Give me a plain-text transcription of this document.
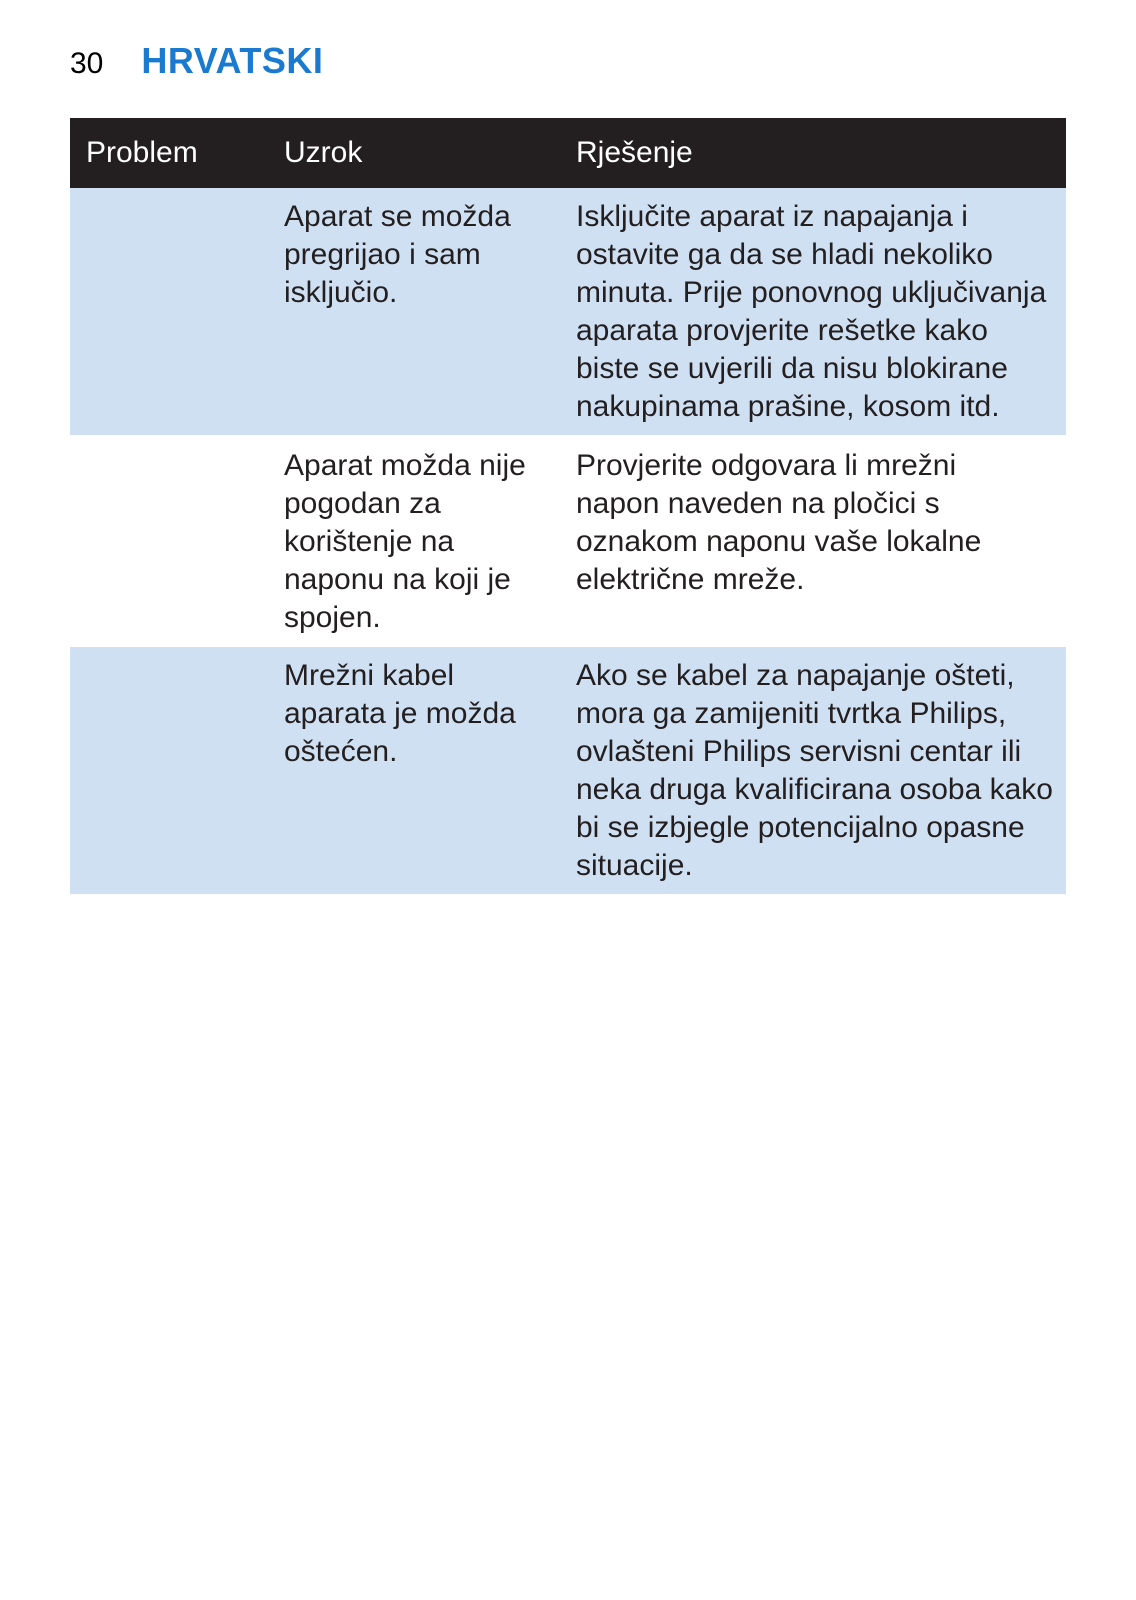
30 HRVATSKI
Problem	Uzrok	Rješenje
Aparat se možda
pregrijao i sam
isključio.
Isključite aparat iz napajanja i
ostavite ga da se hladi nekoliko
minuta. Prije ponovnog uključivanja
aparata provjerite rešetke kako
biste se uvjerili da nisu blokirane
nakupinama prašine, kosom itd.
Aparat možda nije
pogodan za
korištenje na
naponu na koji je
spojen.
Provjerite odgovara li mrežni
napon naveden na pločici s
oznakom naponu vaše lokalne
električne mreže.
Mrežni kabel
aparata je možda
oštećen.
Ako se kabel za napajanje ošteti,
mora ga zamijeniti tvrtka Philips,
ovlašteni Philips servisni centar ili
neka druga kvalificirana osoba kako
bi se izbjegle potencijalno opasne
situacije.
